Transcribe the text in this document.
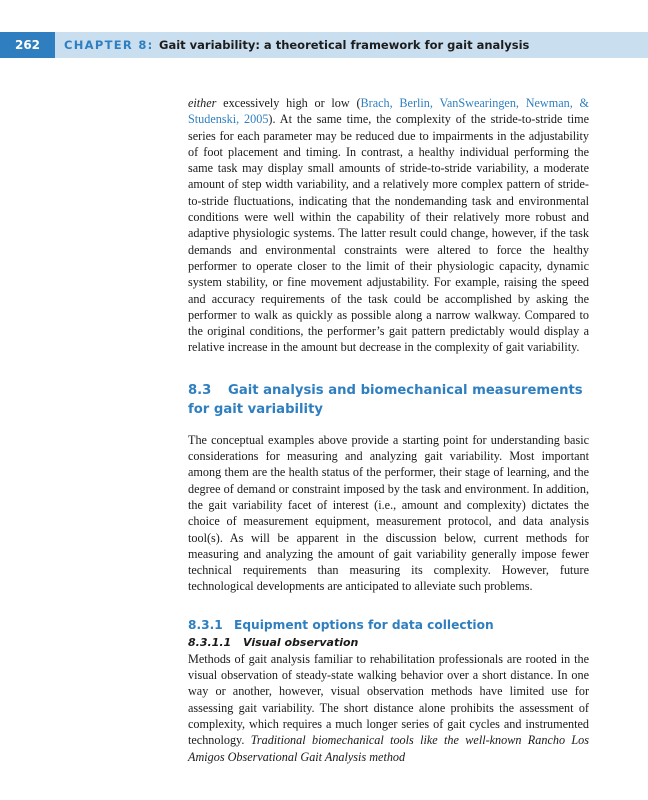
262	CHAPTER 8: Gait variability: a theoretical framework for gait analysis

either excessively high or low (Brach, Berlin, VanSwearingen, Newman, & Studenski, 2005). At the same time, the complexity of the stride-to-stride time series for each parameter may be reduced due to impairments in the adjustability of foot placement and timing. In contrast, a healthy individual performing the same task may display small amounts of stride-to-stride variability, a moderate amount of step width variability, and a relatively more complex pattern of stride-to-stride fluctuations, indicating that the nondemanding task and environmental conditions were well within the capability of their relatively more robust and adaptive physiologic systems. The latter result could change, however, if the task demands and environmental constraints were altered to force the healthy performer to operate closer to the limit of their physiologic capacity, dynamic system stability, or fine movement adjustability. For example, raising the speed and accuracy requirements of the task could be accomplished by asking the performer to walk as quickly as possible along a narrow walkway. Compared to the original conditions, the performer’s gait pattern predictably would display a relative increase in the amount but decrease in the complexity of gait variability.

8.3 Gait analysis and biomechanical measurements for gait variability

The conceptual examples above provide a starting point for understanding basic considerations for measuring and analyzing gait variability. Most important among them are the health status of the performer, their stage of learning, and the degree of demand or constraint imposed by the task and environment. In addition, the gait variability facet of interest (i.e., amount and complexity) dictates the choice of measurement equipment, measurement protocol, and data analysis tool(s). As will be apparent in the discussion below, current methods for measuring and analyzing the amount of gait variability generally impose fewer technical requirements than measuring its complexity. However, future technological developments are anticipated to alleviate such problems.

8.3.1 Equipment options for data collection
8.3.1.1 Visual observation

Methods of gait analysis familiar to rehabilitation professionals are rooted in the visual observation of steady-state walking behavior over a short distance. In one way or another, however, visual observation methods have limited use for assessing gait variability. The short distance alone prohibits the assessment of complexity, which requires a much longer series of gait cycles and instrumented technology. Traditional biomechanical tools like the well-known Rancho Los Amigos Observational Gait Analysis method
